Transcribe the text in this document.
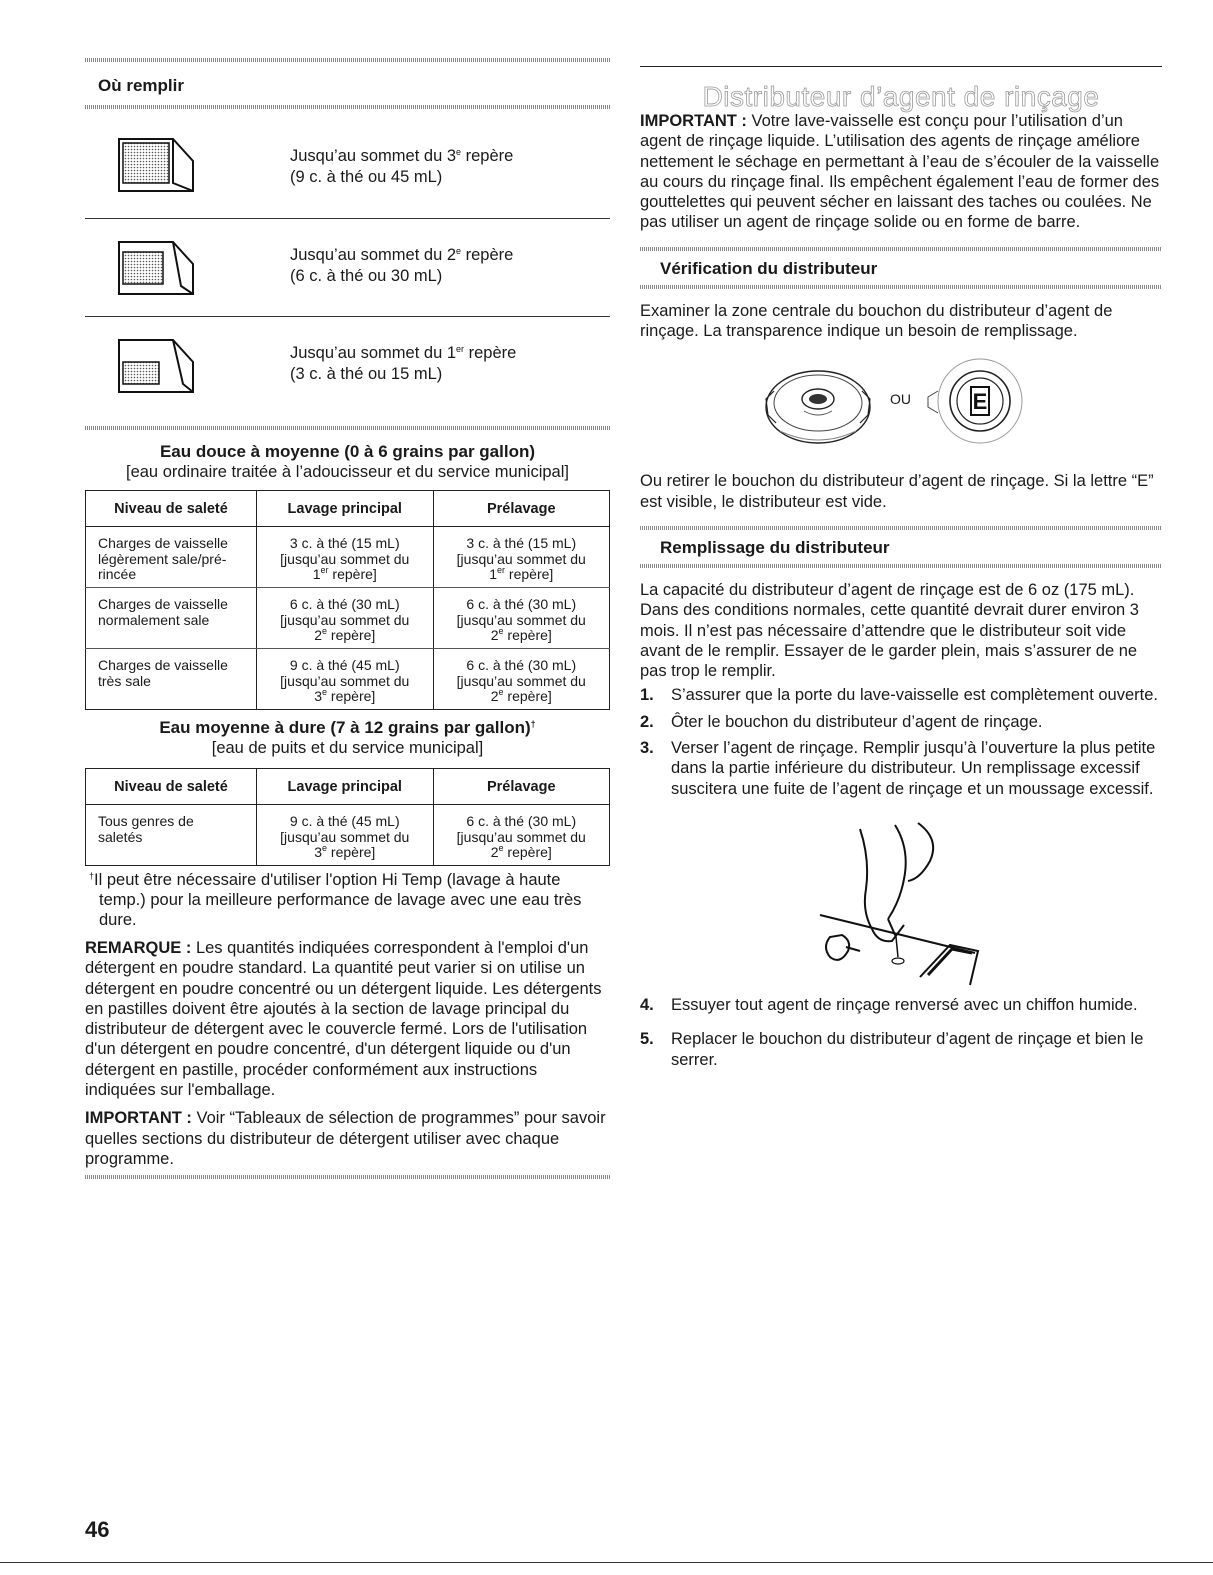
Où remplir
Jusqu’au sommet du 3e repère
(9 c. à thé ou 45 mL)
Jusqu’au sommet du 2e repère
(6 c. à thé ou 30 mL)
Jusqu’au sommet du 1er repère
(3 c. à thé ou 15 mL)
Eau douce à moyenne (0 à 6 grains par gallon)
[eau ordinaire traitée à l’adoucisseur et du service municipal]
Niveau de saleté	Lavage principal	Prélavage
Charges de vaisselle
légèrement sale/pré-
rincée	3 c. à thé (15 mL)
[jusqu’au sommet du
1er repère]	3 c. à thé (15 mL)
[jusqu’au sommet du
1er repère]
Charges de vaisselle
normalement sale	6 c. à thé (30 mL)
[jusqu’au sommet du
2e repère]	6 c. à thé (30 mL)
[jusqu’au sommet du
2e repère]
Charges de vaisselle
très sale	9 c. à thé (45 mL)
[jusqu’au sommet du
3e repère]	6 c. à thé (30 mL)
[jusqu’au sommet du
2e repère]
Eau moyenne à dure (7 à 12 grains par gallon)†
[eau de puits et du service municipal]
Niveau de saleté	Lavage principal	Prélavage
Tous genres de
saletés	9 c. à thé (45 mL)
[jusqu’au sommet du
3e repère]	6 c. à thé (30 mL)
[jusqu’au sommet du
2e repère]

†Il peut être nécessaire d'utiliser l'option Hi Temp (lavage à haute temp.) pour la meilleure performance de lavage avec une eau très dure.

REMARQUE : Les quantités indiquées correspondent à l'emploi d'un détergent en poudre standard. La quantité peut varier si on utilise un détergent en poudre concentré ou un détergent liquide. Les détergents en pastilles doivent être ajoutés à la section de lavage principal du distributeur de détergent avec le couvercle fermé. Lors de l'utilisation d'un détergent en poudre concentré, d'un détergent liquide ou d'un détergent en pastille, procéder conformément aux instructions indiquées sur l'emballage.

IMPORTANT : Voir “Tableaux de sélection de programmes” pour savoir quelles sections du distributeur de détergent utiliser avec chaque programme.

Distributeur d’agent de rinçage

IMPORTANT : Votre lave-vaisselle est conçu pour l’utilisation d’un agent de rinçage liquide. L’utilisation des agents de rinçage améliore nettement le séchage en permettant à l’eau de s’écouler de la vaisselle au cours du rinçage final. Ils empêchent également l’eau de former des gouttelettes qui peuvent sécher en laissant des taches ou coulées. Ne pas utiliser un agent de rinçage solide ou en forme de barre.

Vérification du distributeur

Examiner la zone centrale du bouchon du distributeur d’agent de rinçage. La transparence indique un besoin de remplissage.

OU	E

Ou retirer le bouchon du distributeur d’agent de rinçage. Si la lettre “E” est visible, le distributeur est vide.

Remplissage du distributeur

La capacité du distributeur d’agent de rinçage est de 6 oz (175 mL). Dans des conditions normales, cette quantité devrait durer environ 3 mois. Il n’est pas nécessaire d’attendre que le distributeur soit vide avant de le remplir. Essayer de le garder plein, mais s’assurer de ne pas trop le remplir.

1. S’assurer que la porte du lave-vaisselle est complètement ouverte.
2. Ôter le bouchon du distributeur d’agent de rinçage.
3. Verser l’agent de rinçage. Remplir jusqu’à l’ouverture la plus petite dans la partie inférieure du distributeur. Un remplissage excessif suscitera une fuite de l’agent de rinçage et un moussage excessif.
4. Essuyer tout agent de rinçage renversé avec un chiffon humide.
5. Replacer le bouchon du distributeur d’agent de rinçage et bien le serrer.
46
